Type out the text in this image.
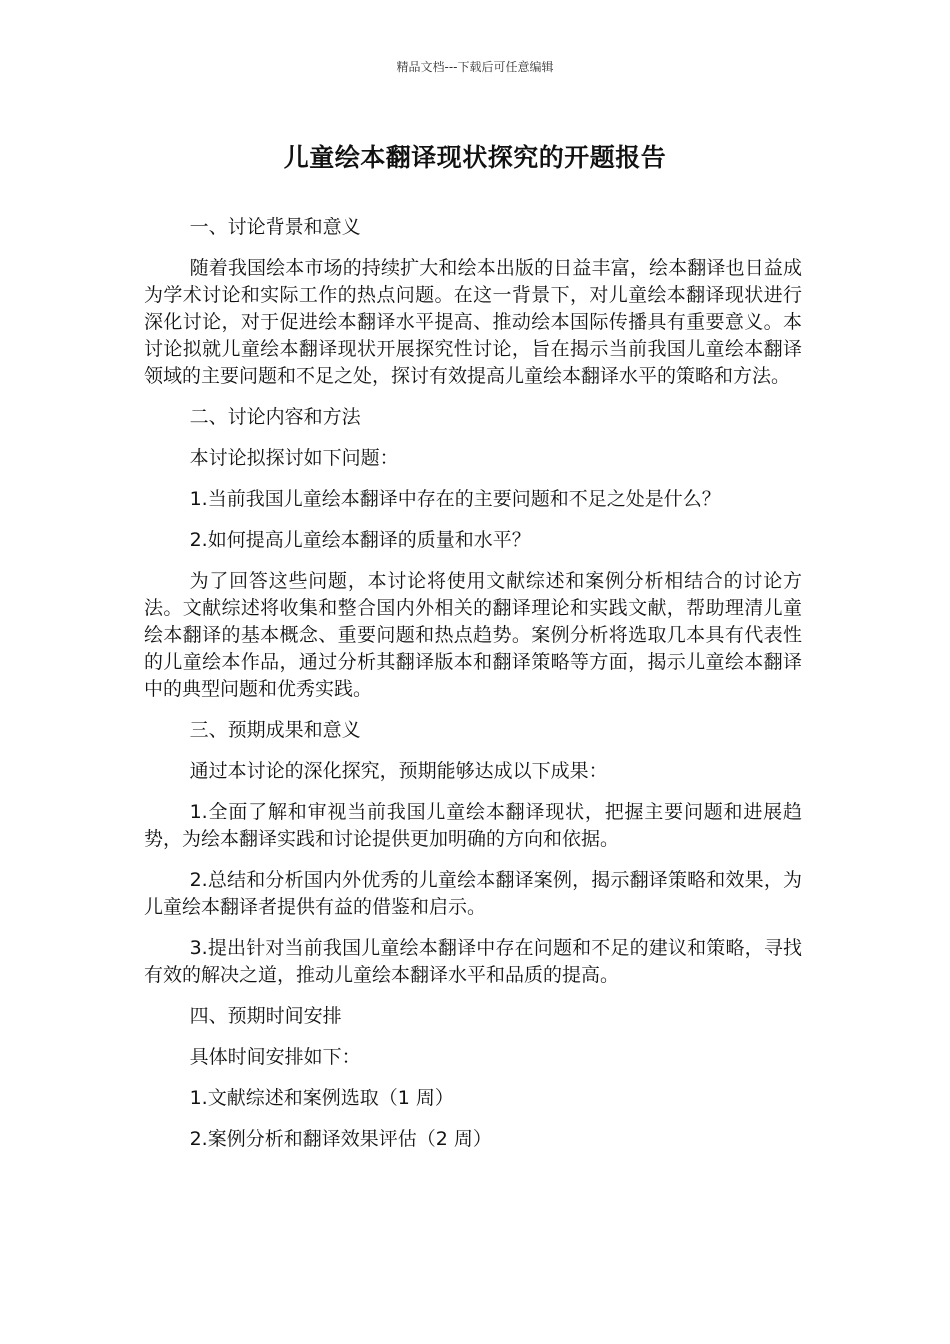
精品文档---下载后可任意编辑
儿童绘本翻译现状探究的开题报告

一、讨论背景和意义

随着我国绘本市场的持续扩大和绘本出版的日益丰富，绘本翻译也日益成为学术讨论和实际工作的热点问题。在这一背景下，对儿童绘本翻译现状进行深化讨论，对于促进绘本翻译水平提高、推动绘本国际传播具有重要意义。本讨论拟就儿童绘本翻译现状开展探究性讨论，旨在揭示当前我国儿童绘本翻译领域的主要问题和不足之处，探讨有效提高儿童绘本翻译水平的策略和方法。

二、讨论内容和方法

本讨论拟探讨如下问题：

1.当前我国儿童绘本翻译中存在的主要问题和不足之处是什么？

2.如何提高儿童绘本翻译的质量和水平？

为了回答这些问题，本讨论将使用文献综述和案例分析相结合的讨论方法。文献综述将收集和整合国内外相关的翻译理论和实践文献，帮助理清儿童绘本翻译的基本概念、重要问题和热点趋势。案例分析将选取几本具有代表性的儿童绘本作品，通过分析其翻译版本和翻译策略等方面，揭示儿童绘本翻译中的典型问题和优秀实践。

三、预期成果和意义

通过本讨论的深化探究，预期能够达成以下成果：

1.全面了解和审视当前我国儿童绘本翻译现状，把握主要问题和进展趋势，为绘本翻译实践和讨论提供更加明确的方向和依据。

2.总结和分析国内外优秀的儿童绘本翻译案例，揭示翻译策略和效果，为儿童绘本翻译者提供有益的借鉴和启示。

3.提出针对当前我国儿童绘本翻译中存在问题和不足的建议和策略，寻找有效的解决之道，推动儿童绘本翻译水平和品质的提高。

四、预期时间安排

具体时间安排如下：

1.文献综述和案例选取（1 周）

2.案例分析和翻译效果评估（2 周）
